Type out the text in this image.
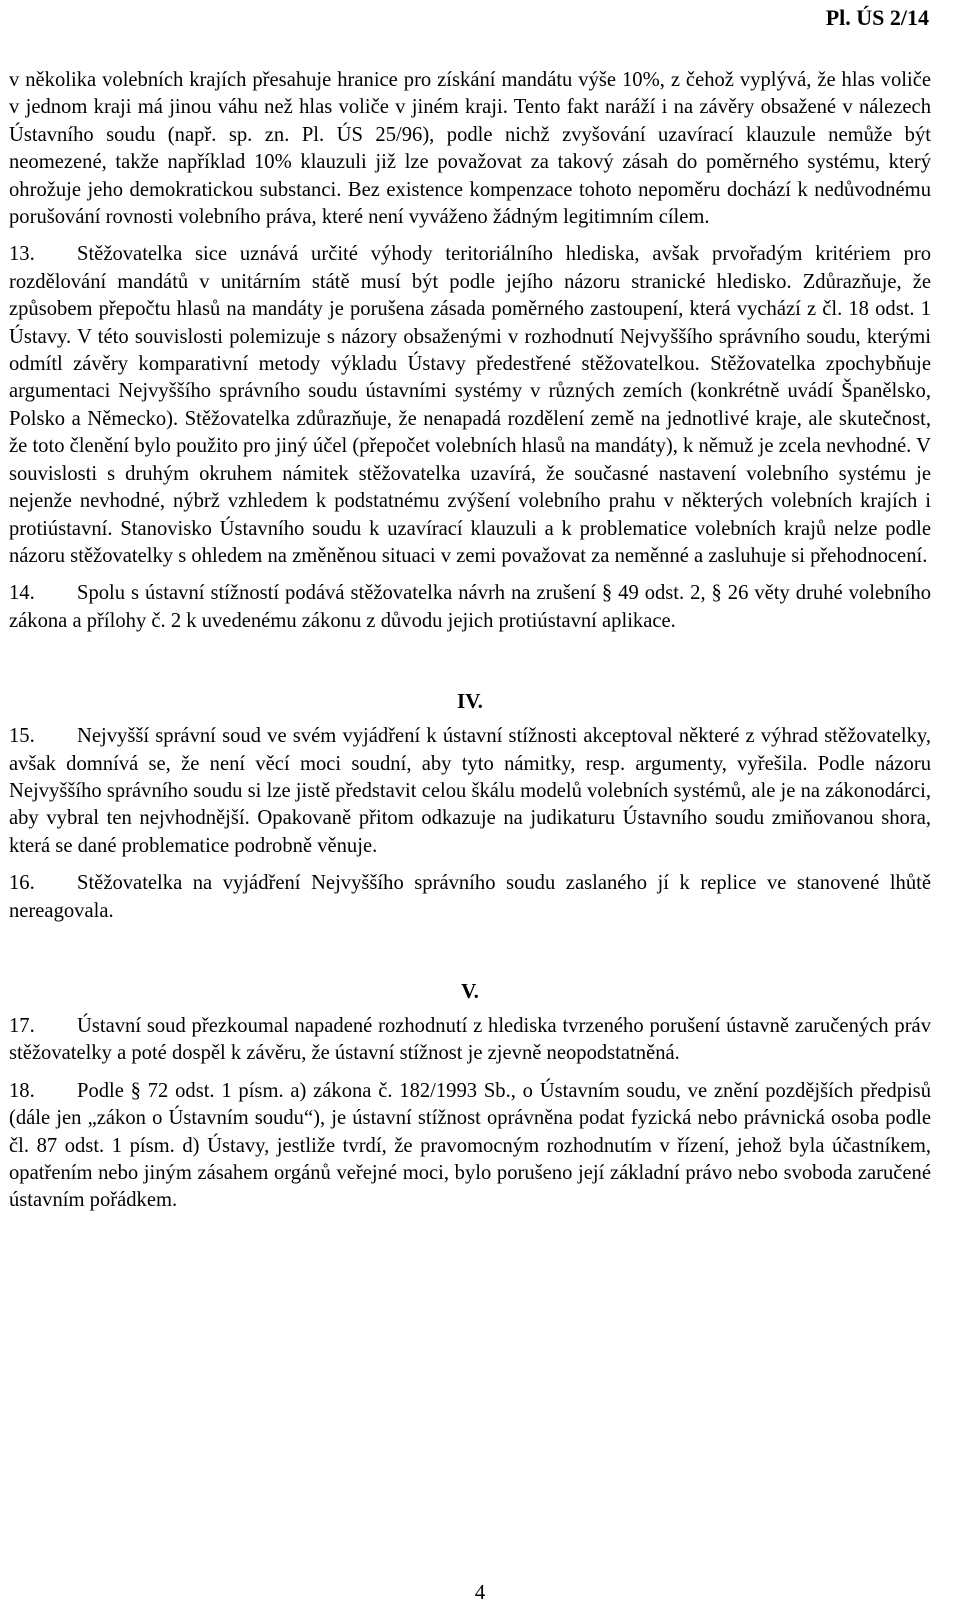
Pl. ÚS 2/14

v několika volebních krajích přesahuje hranice pro získání mandátu výše 10%, z čehož vyplývá, že hlas voliče v jednom kraji má jinou váhu než hlas voliče v jiném kraji. Tento fakt naráží i na závěry obsažené v nálezech Ústavního soudu (např. sp. zn. Pl. ÚS 25/96), podle nichž zvyšování uzavírací klauzule nemůže být neomezené, takže například 10% klauzuli již lze považovat za takový zásah do poměrného systému, který ohrožuje jeho demokratickou substanci. Bez existence kompenzace tohoto nepoměru dochází k nedůvodnému porušování rovnosti volebního práva, které není vyváženo žádným legitimním cílem.

13. Stěžovatelka sice uznává určité výhody teritoriálního hlediska, avšak prvořadým kritériem pro rozdělování mandátů v unitárním státě musí být podle jejího názoru stranické hledisko. Zdůrazňuje, že způsobem přepočtu hlasů na mandáty je porušena zásada poměrného zastoupení, která vychází z čl. 18 odst. 1 Ústavy. V této souvislosti polemizuje s názory obsaženými v rozhodnutí Nejvyššího správního soudu, kterými odmítl závěry komparativní metody výkladu Ústavy předestřené stěžovatelkou. Stěžovatelka zpochybňuje argumentaci Nejvyššího správního soudu ústavními systémy v různých zemích (konkrétně uvádí Španělsko, Polsko a Německo). Stěžovatelka zdůrazňuje, že nenapadá rozdělení země na jednotlivé kraje, ale skutečnost, že toto členění bylo použito pro jiný účel (přepočet volebních hlasů na mandáty), k němuž je zcela nevhodné. V souvislosti s druhým okruhem námitek stěžovatelka uzavírá, že současné nastavení volebního systému je nejenže nevhodné, nýbrž vzhledem k podstatnému zvýšení volebního prahu v některých volebních krajích i protiústavní. Stanovisko Ústavního soudu k uzavírací klauzuli a k problematice volebních krajů nelze podle názoru stěžovatelky s ohledem na změněnou situaci v zemi považovat za neměnné a zasluhuje si přehodnocení.

14. Spolu s ústavní stížností podává stěžovatelka návrh na zrušení § 49 odst. 2, § 26 věty druhé volebního zákona a přílohy č. 2 k uvedenému zákonu z důvodu jejich protiústavní aplikace.

IV.

15. Nejvyšší správní soud ve svém vyjádření k ústavní stížnosti akceptoval některé z výhrad stěžovatelky, avšak domnívá se, že není věcí moci soudní, aby tyto námitky, resp. argumenty, vyřešila. Podle názoru Nejvyššího správního soudu si lze jistě představit celou škálu modelů volebních systémů, ale je na zákonodárci, aby vybral ten nejvhodnější. Opakovaně přitom odkazuje na judikaturu Ústavního soudu zmiňovanou shora, která se dané problematice podrobně věnuje.

16. Stěžovatelka na vyjádření Nejvyššího správního soudu zaslaného jí k replice ve stanovené lhůtě nereagovala.

V.

17. Ústavní soud přezkoumal napadené rozhodnutí z hlediska tvrzeného porušení ústavně zaručených práv stěžovatelky a poté dospěl k závěru, že ústavní stížnost je zjevně neopodstatněná.

18. Podle § 72 odst. 1 písm. a) zákona č. 182/1993 Sb., o Ústavním soudu, ve znění pozdějších předpisů (dále jen „zákon o Ústavním soudu“), je ústavní stížnost oprávněna podat fyzická nebo právnická osoba podle čl. 87 odst. 1 písm. d) Ústavy, jestliže tvrdí, že pravomocným rozhodnutím v řízení, jehož byla účastníkem, opatřením nebo jiným zásahem orgánů veřejné moci, bylo porušeno její základní právo nebo svoboda zaručené ústavním pořádkem.

4
